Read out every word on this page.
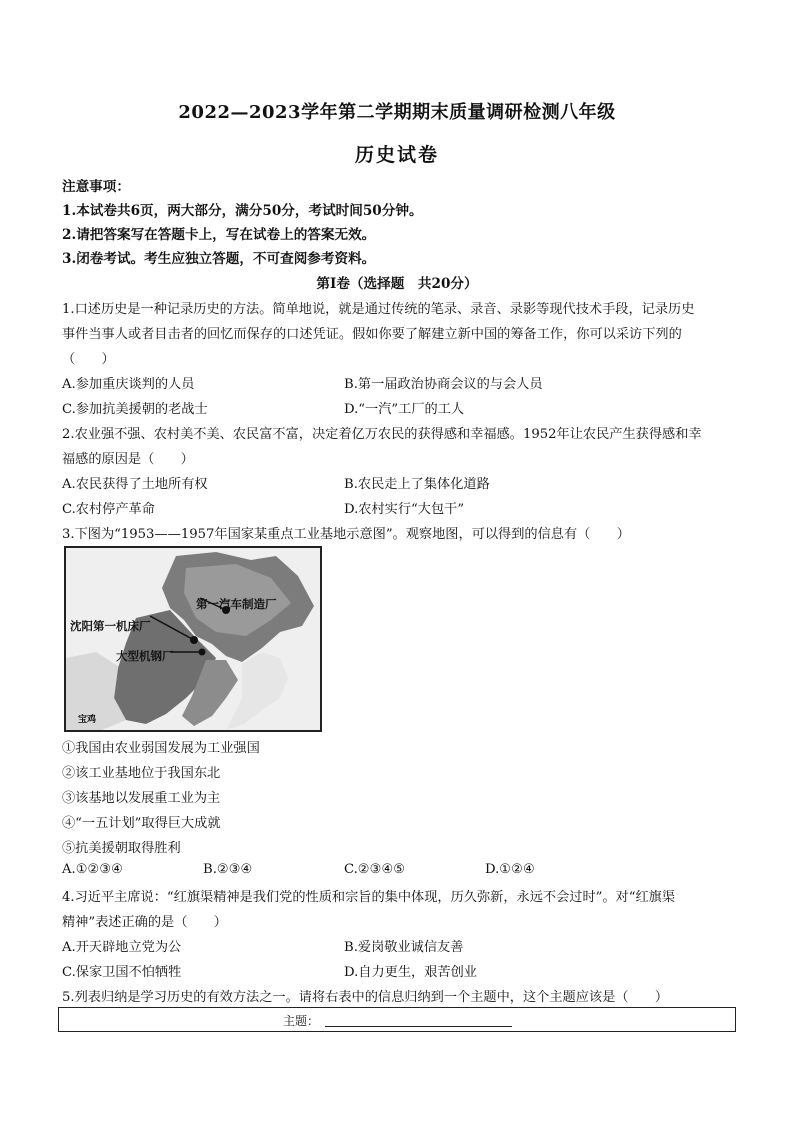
2022—2023学年第二学期期末质量调研检测八年级
历史试卷
注意事项：
1.本试卷共6页，两大部分，满分50分，考试时间50分钟。
2.请把答案写在答题卡上，写在试卷上的答案无效。
3.闭卷考试。考生应独立答题，不可查阅参考资料。
第Ⅰ卷（选择题　共20分）
1.口述历史是一种记录历史的方法。简单地说，就是通过传统的笔录、录音、录影等现代技术手段，记录历史
事件当事人或者目击者的回忆而保存的口述凭证。假如你要了解建立新中国的筹备工作，你可以采访下列的
（　　）
A.参加重庆谈判的人员	B.第一届政治协商会议的与会人员
C.参加抗美援朝的老战士	D.“一汽”工厂的工人
2.农业强不强、农村美不美、农民富不富，决定着亿万农民的获得感和幸福感。1952年让农民产生获得感和幸
福感的原因是（　　）
A.农民获得了土地所有权	B.农民走上了集体化道路
C.农村停产革命	D.农村实行“大包干”
3.下图为“1953——1957年国家某重点工业基地示意图”。观察地图，可以得到的信息有（　　）
第一汽车制造厂
沈阳第一机床厂
大型机钢厂
宝鸡
①我国由农业弱国发展为工业强国
②该工业基地位于我国东北
③该基地以发展重工业为主
④“一五计划”取得巨大成就
⑤抗美援朝取得胜利
A.①②③④	B.②③④	C.②③④⑤	D.①②④
4.习近平主席说：“红旗渠精神是我们党的性质和宗旨的集中体现，历久弥新，永远不会过时”。对“红旗渠
精神”表述正确的是（　　）
A.开天辟地立党为公	B.爱岗敬业诚信友善
C.保家卫国不怕牺牲	D.自力更生，艰苦创业
5.列表归纳是学习历史的有效方法之一。请将右表中的信息归纳到一个主题中，这个主题应该是（　　）
主题：
